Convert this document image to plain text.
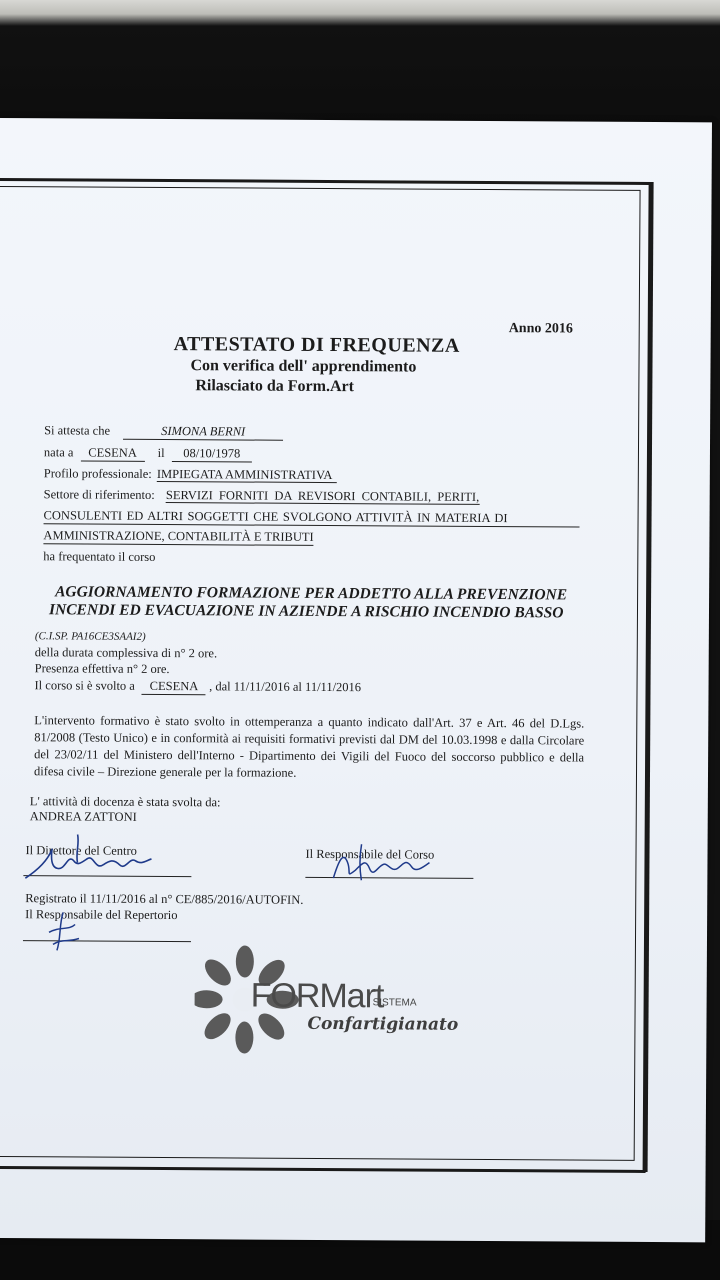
Anno 2016
ATTESTATO DI FREQUENZA
Con verifica dell' apprendimento
Rilasciato da Form.Art
Si attesta che	SIMONA BERNI
nata a CESENA il 08/10/1978
Profilo professionale: IMPIEGATA AMMINISTRATIVA
Settore di riferimento: SERVIZI FORNITI DA REVISORI CONTABILI, PERITI,
CONSULENTI ED ALTRI SOGGETTI CHE SVOLGONO ATTIVITÀ IN MATERIA DI
AMMINISTRAZIONE, CONTABILITÀ E TRIBUTI
ha frequentato il corso
AGGIORNAMENTO FORMAZIONE PER ADDETTO ALLA PREVENZIONE
INCENDI ED EVACUAZIONE IN AZIENDE A RISCHIO INCENDIO BASSO
(C.I.SP. PA16CE3SAAI2)
della durata complessiva di n° 2 ore.
Presenza effettiva n° 2 ore.
Il corso si è svolto a CESENA , dal 11/11/2016 al 11/11/2016
L'intervento formativo è stato svolto in ottemperanza a quanto indicato dall'Art. 37 e Art. 46 del D.Lgs. 81/2008 (Testo Unico) e in conformità ai requisiti formativi previsti dal DM del 10.03.1998 e dalla Circolare del 23/02/11 del Ministero dell'Interno - Dipartimento dei Vigili del Fuoco del soccorso pubblico e della difesa civile – Direzione generale per la formazione.
L' attività di docenza è stata svolta da:
ANDREA ZATTONI
Il Direttore del Centro	Il Responsabile del Corso
Registrato il 11/11/2016 al n° CE/885/2016/AUTOFIN.
Il Responsabile del Repertorio
FORMart
SISTEMA
Confartigianato
